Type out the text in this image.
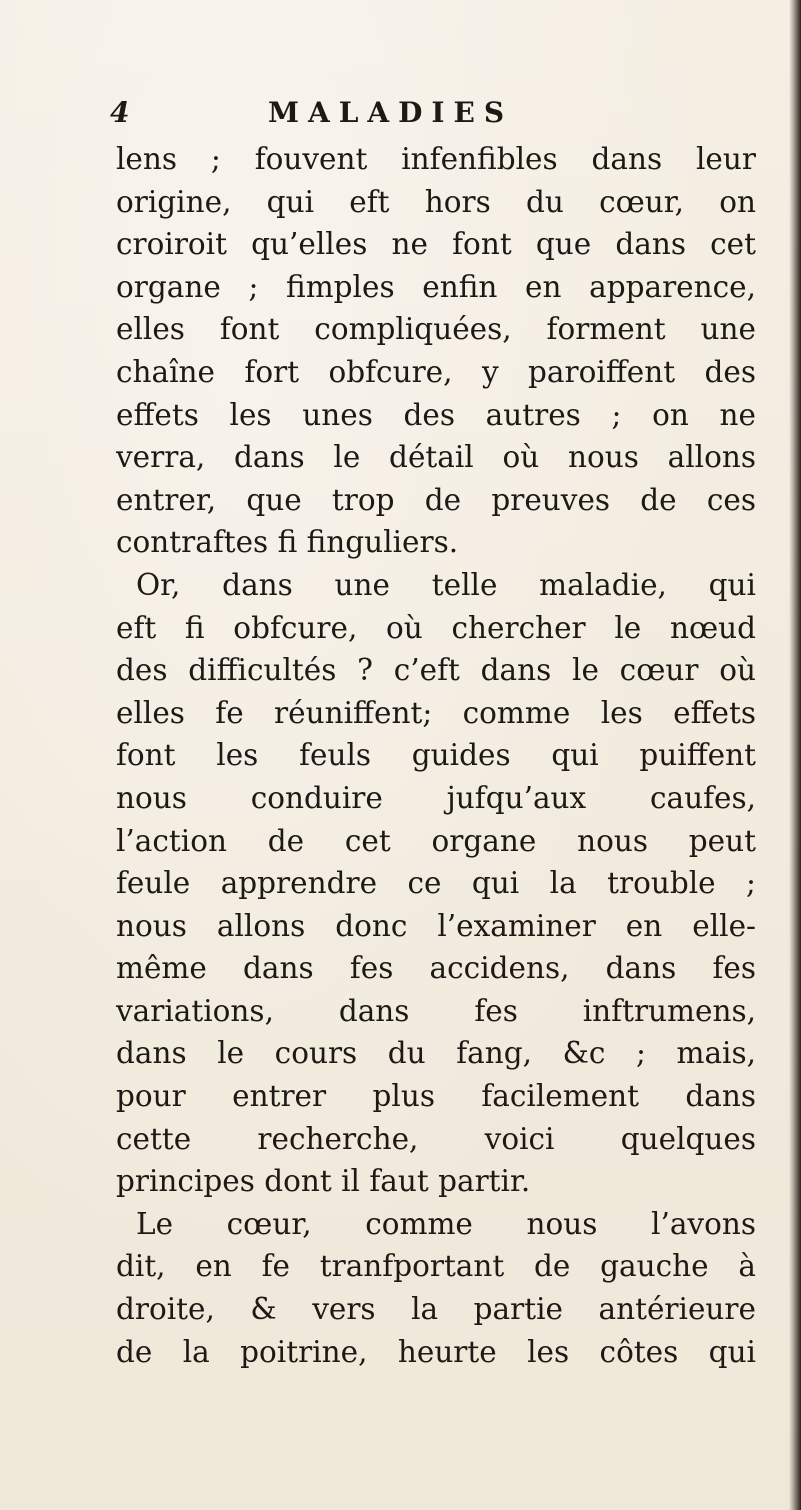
4	MALADIES
lens ; fouvent infenfibles dans leur
origine, qui eft hors du cœur, on
croiroit qu’elles ne font que dans cet
organe ; fimples enfin en apparence,
elles font compliquées, forment une
chaîne fort obfcure, y paroiffent des
effets les unes des autres ; on ne
verra, dans le détail où nous allons
entrer, que trop de preuves de ces
contraftes fi finguliers.
Or, dans une telle maladie, qui
eft fi obfcure, où chercher le nœud
des difficultés ? c’eft dans le cœur où
elles fe réuniffent; comme les effets
font les feuls guides qui puiffent
nous conduire jufqu’aux caufes,
l’action de cet organe nous peut
feule apprendre ce qui la trouble ;
nous allons donc l’examiner en elle-
même dans fes accidens, dans fes
variations, dans fes inftrumens,
dans le cours du fang, &c ; mais,
pour entrer plus facilement dans
cette recherche, voici quelques
principes dont il faut partir.
Le cœur, comme nous l’avons
dit, en fe tranfportant de gauche à
droite, & vers la partie antérieure
de la poitrine, heurte les côtes qui
